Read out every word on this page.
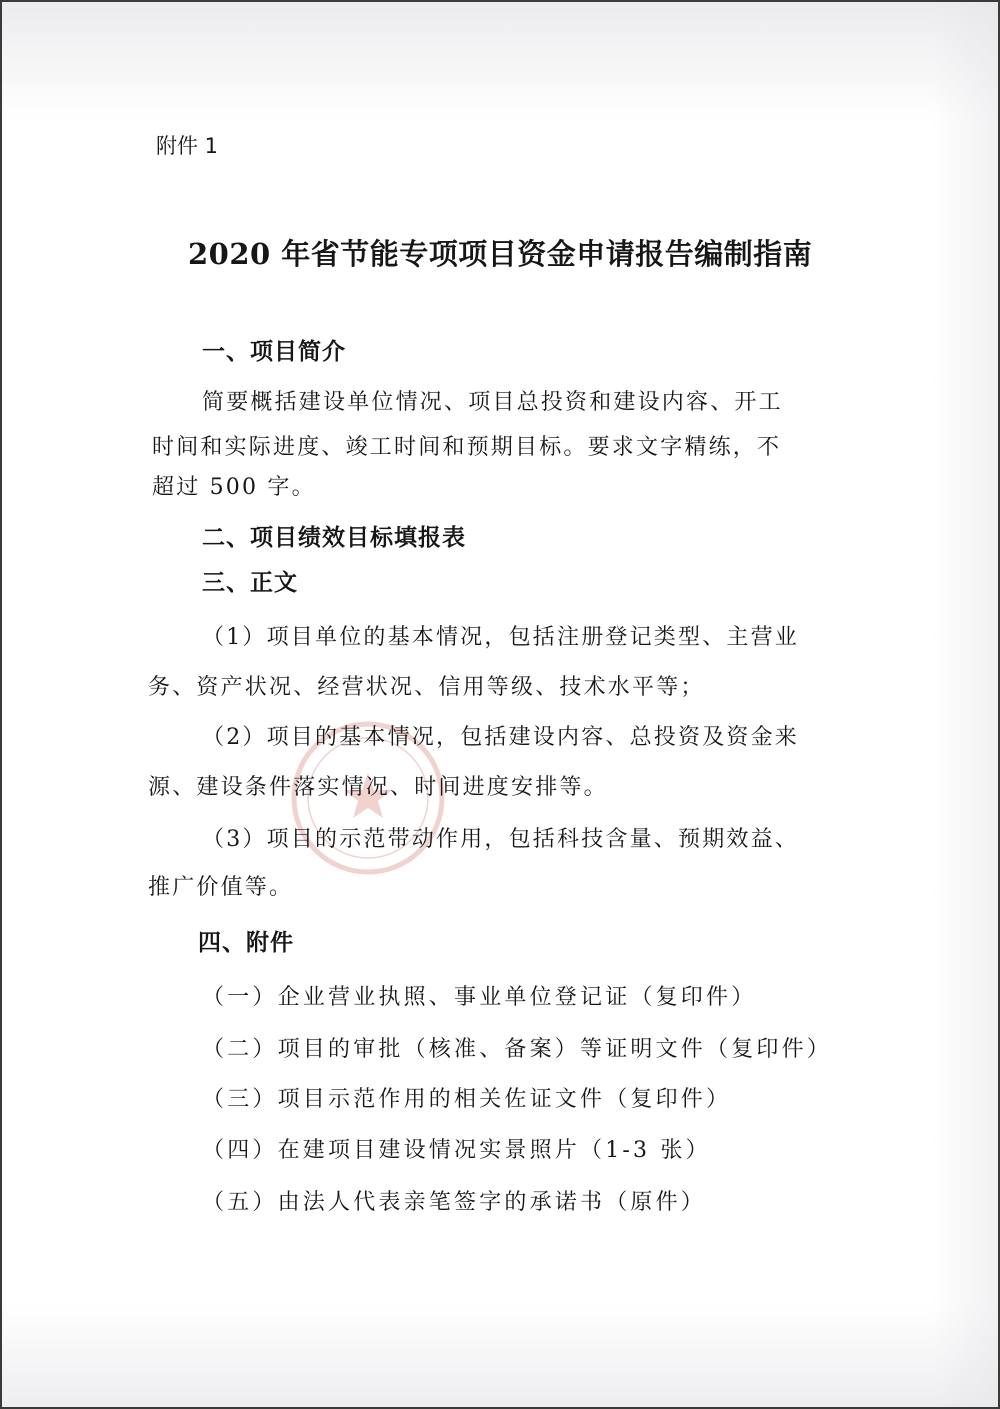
附件 1

2020 年省节能专项项目资金申请报告编制指南
一、项目简介

简要概括建设单位情况、项目总投资和建设内容、开工

时间和实际进度、竣工时间和预期目标。要求文字精练，不

超过 500 字。

二、项目绩效目标填报表
三、正文

（1）项目单位的基本情况，包括注册登记类型、主营业

务、资产状况、经营状况、信用等级、技术水平等；

（2）项目的基本情况，包括建设内容、总投资及资金来

源、建设条件落实情况、时间进度安排等。

（3）项目的示范带动作用，包括科技含量、预期效益、

推广价值等。

四、附件

（一）企业营业执照、事业单位登记证（复印件）

（二）项目的审批（核准、备案）等证明文件（复印件）

（三）项目示范作用的相关佐证文件（复印件）

（四）在建项目建设情况实景照片（1-3 张）

（五）由法人代表亲笔签字的承诺书（原件）
